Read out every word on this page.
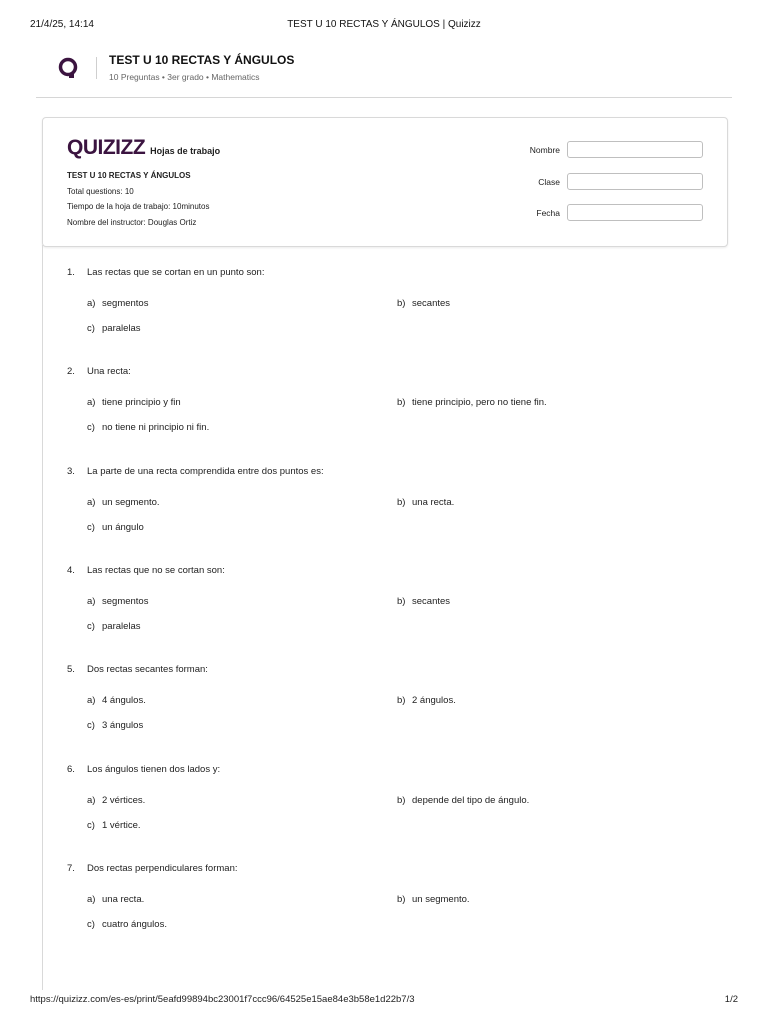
21/4/25, 14:14	TEST U 10 RECTAS Y ÁNGULOS | Quizizz
TEST U 10 RECTAS Y ÁNGULOS
10 Preguntas • 3er grado • Mathematics
QUIZIZZ Hojas de trabajo
TEST U 10 RECTAS Y ÁNGULOS
Total questions: 10
Tiempo de la hoja de trabajo: 10minutos
Nombre del instructor: Douglas Ortiz
Nombre
Clase
Fecha
1. Las rectas que se cortan en un punto son:
a) segmentos	b) secantes
c) paralelas
2. Una recta:
a) tiene principio y fin	b) tiene principio, pero no tiene fin.
c) no tiene ni principio ni fin.
3. La parte de una recta comprendida entre dos puntos es:
a) un segmento.	b) una recta.
c) un ángulo
4. Las rectas que no se cortan son:
a) segmentos	b) secantes
c) paralelas
5. Dos rectas secantes forman:
a) 4 ángulos.	b) 2 ángulos.
c) 3 ángulos
6. Los ángulos tienen dos lados y:
a) 2 vértices.	b) depende del tipo de ángulo.
c) 1 vértice.
7. Dos rectas perpendiculares forman:
a) una recta.	b) un segmento.
c) cuatro ángulos.
https://quizizz.com/es-es/print/5eafd99894bc23001f7ccc96/64525e15ae84e3b58e1d22b7/3	1/2
